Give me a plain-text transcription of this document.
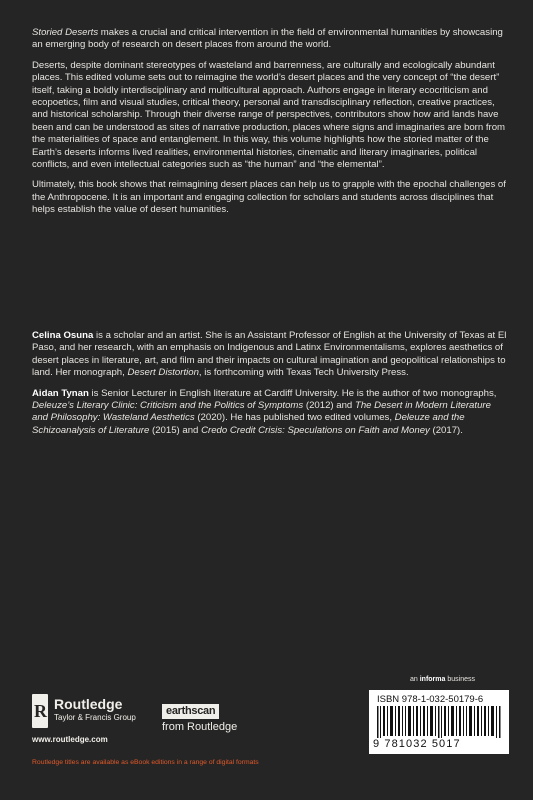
Storied Deserts makes a crucial and critical intervention in the field of environmental humanities by showcasing an emerging body of research on desert places from around the world.

Deserts, despite dominant stereotypes of wasteland and barrenness, are culturally and ecologically abundant places. This edited volume sets out to reimagine the world’s desert places and the very concept of “the desert” itself, taking a boldly interdisciplinary and multicultural approach. Authors engage in literary ecocriticism and ecopoetics, film and visual studies, critical theory, personal and transdisciplinary reflection, creative practices, and historical scholarship. Through their diverse range of perspectives, contributors show how arid lands have been and can be understood as sites of narrative production, places where signs and imaginaries are born from the materialities of space and entanglement. In this way, this volume highlights how the storied matter of the Earth’s deserts informs lived realities, environmental histories, cinematic and literary imaginaries, political conflicts, and even intellectual categories such as “the human” and “the elemental”.

Ultimately, this book shows that reimagining desert places can help us to grapple with the epochal challenges of the Anthropocene. It is an important and engaging collection for scholars and students across disciplines that helps establish the value of desert humanities.

Celina Osuna is a scholar and an artist. She is an Assistant Professor of English at the University of Texas at El Paso, and her research, with an emphasis on Indigenous and Latinx Environmentalisms, explores aesthetics of desert places in literature, art, and film and their impacts on cultural imagination and geopolitical relationships to land. Her monograph, Desert Distortion, is forthcoming with Texas Tech University Press.

Aidan Tynan is Senior Lecturer in English literature at Cardiff University. He is the author of two monographs, Deleuze’s Literary Clinic: Criticism and the Politics of Symptoms (2012) and The Desert in Modern Literature and Philosophy: Wasteland Aesthetics (2020). He has published two edited volumes, Deleuze and the Schizoanalysis of Literature (2015) and Credo Credit Crisis: Speculations on Faith and Money (2017).

an informa business
R Routledge
Taylor & Francis Group
www.routledge.com
earthscan
from Routledge
ISBN 978-1-032-50179-6
9 781032 5017
Routledge titles are available as eBook editions in a range of digital formats
